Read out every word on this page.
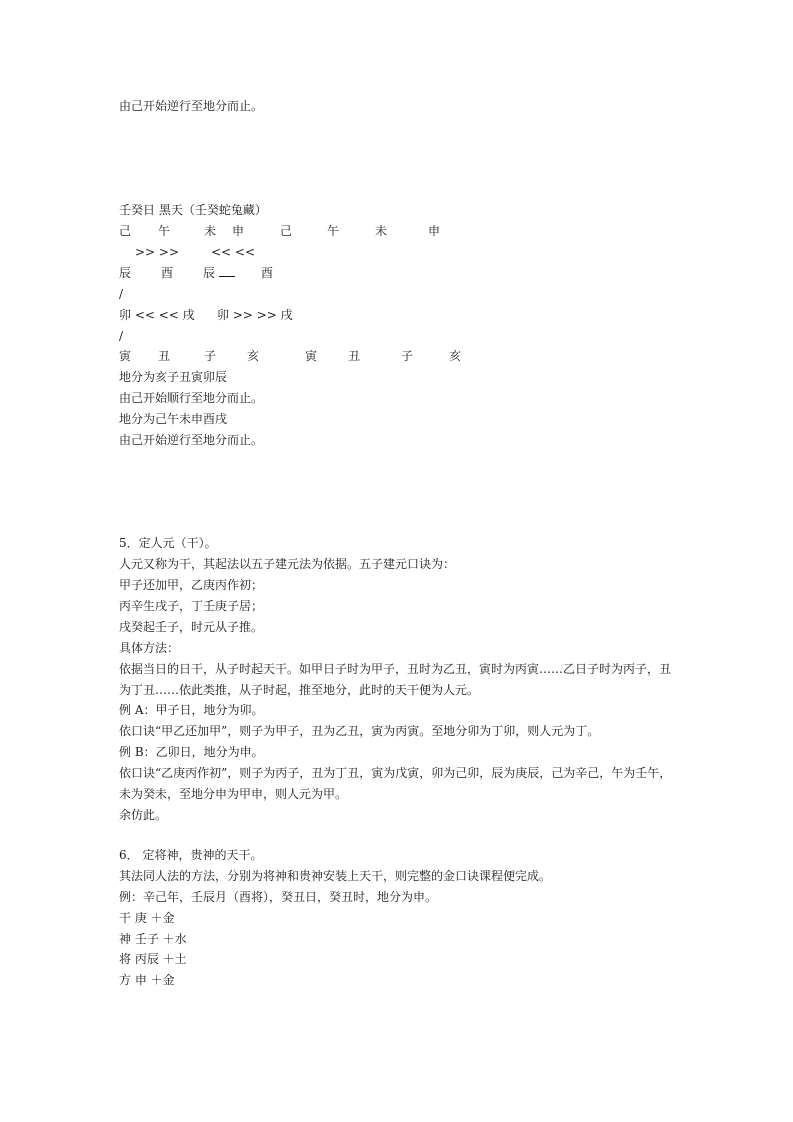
由己开始逆行至地分而止。
壬癸日 黑天（壬癸蛇兔藏）
己 午	未 申	己	午	未	申
>> >>	<< <<
辰 酉 辰	酉
/
卯 << << 戌 卯 >> >> 戌
/
寅 丑	子	亥	寅	丑	子	亥
地分为亥子丑寅卯辰
由己开始顺行至地分而止。
地分为己午未申酉戌
由己开始逆行至地分而止。
5．定人元（干）。
人元又称为干，其起法以五子建元法为依据。五子建元口诀为：
甲子还加甲，乙庚丙作初；
丙辛生戌子，丁壬庚子居；
戌癸起壬子，时元从子推。
具体方法：
依据当日的日干，从子时起天干。如甲日子时为甲子，丑时为乙丑，寅时为丙寅……乙日子时为丙子，丑
为丁丑……依此类推，从子时起，推至地分，此时的天干便为人元。
例 A：甲子日，地分为卯。
依口诀“甲乙还加甲”，则子为甲子，丑为乙丑，寅为丙寅。至地分卯为丁卯，则人元为丁。
例 B：乙卯日，地分为申。
依口诀“乙庚丙作初”，则子为丙子，丑为丁丑，寅为戊寅，卯为己卯，辰为庚辰，己为辛己，午为壬午，
未为癸未，至地分申为甲申，则人元为甲。
余仿此。
6． 定将神，贵神的天干。
其法同人法的方法，分别为将神和贵神安装上天干，则完整的金口诀课程便完成。
例：辛己年，壬辰月（酉将），癸丑日，癸丑时，地分为申。
干 庚 ＋金
神 壬子 ＋水
将 丙辰 ＋土
方 申 ＋金
